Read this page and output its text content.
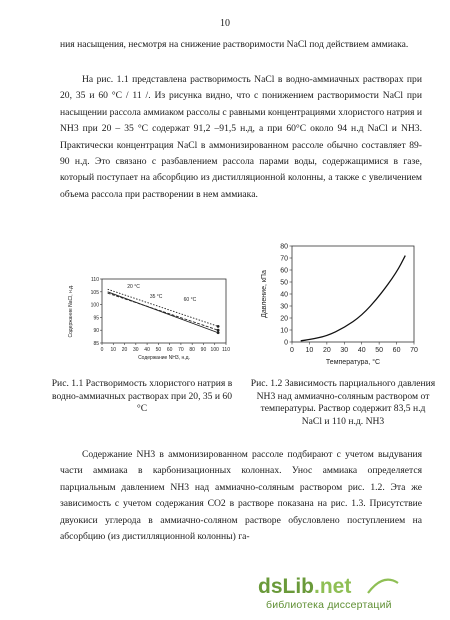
10

ния насыщения, несмотря на снижение растворимости NaCl под действием аммиака.

На рис. 1.1 представлена растворимость NaCl в водно-аммиачных растворах при 20, 35 и 60 °С / 11 /. Из рисунка видно, что с понижением растворимости NaCl при насыщении рассола аммиаком рассолы с равными концентрациями хлористого натрия и NH3 при 20 – 35 °С содержат 91,2 –91,5 н.д, а при 60°С около 94 н.д NaCl и NH3. Практически концентрация NaCl в аммонизированном рассоле обычно составляет 89-90 н.д. Это связано с разбавлением рассола парами воды, содержащимися в газе, который поступает на абсорбцию из дистилляционной колонны, а также с увеличением объема рассола при растворении в нем аммиака.

0 10 20 30 40 50 60 70 80 90 100 110
85
90
95
100
105
110
Содержание NH3, н.д.
Содержание NaCl, н.д.	20 °С
35 °С	60 °С
Рис. 1.1 Растворимость хлористого натрия в водно-аммиачных растворах при 20, 35 и 60 °С
0 10 20 30 40 50 60 70
0
10
20
30
40
50
60
70
80
Температура, °С
Давление, кПа
Рис. 1.2 Зависимость парциального давления NH3 над аммиачно-соляным раствором от температуры. Раствор содержит 83,5 н.д NaCl и 110 н.д. NH3

Содержание NH3 в аммонизированном рассоле подбирают с учетом выдувания части аммиака в карбонизационных колоннах. Унос аммиака определяется парциальным давлением NH3 над аммиачно-соляным раствором рис. 1.2. Эта же зависимость с учетом содержания CO2 в растворе показана на рис. 1.3. Присутствие двуокиси углерода в аммиачно-соляном растворе обусловлено поступлением на абсорбцию (из дистилляционной колонны) га-

dsLib.net
библиотека диссертаций
